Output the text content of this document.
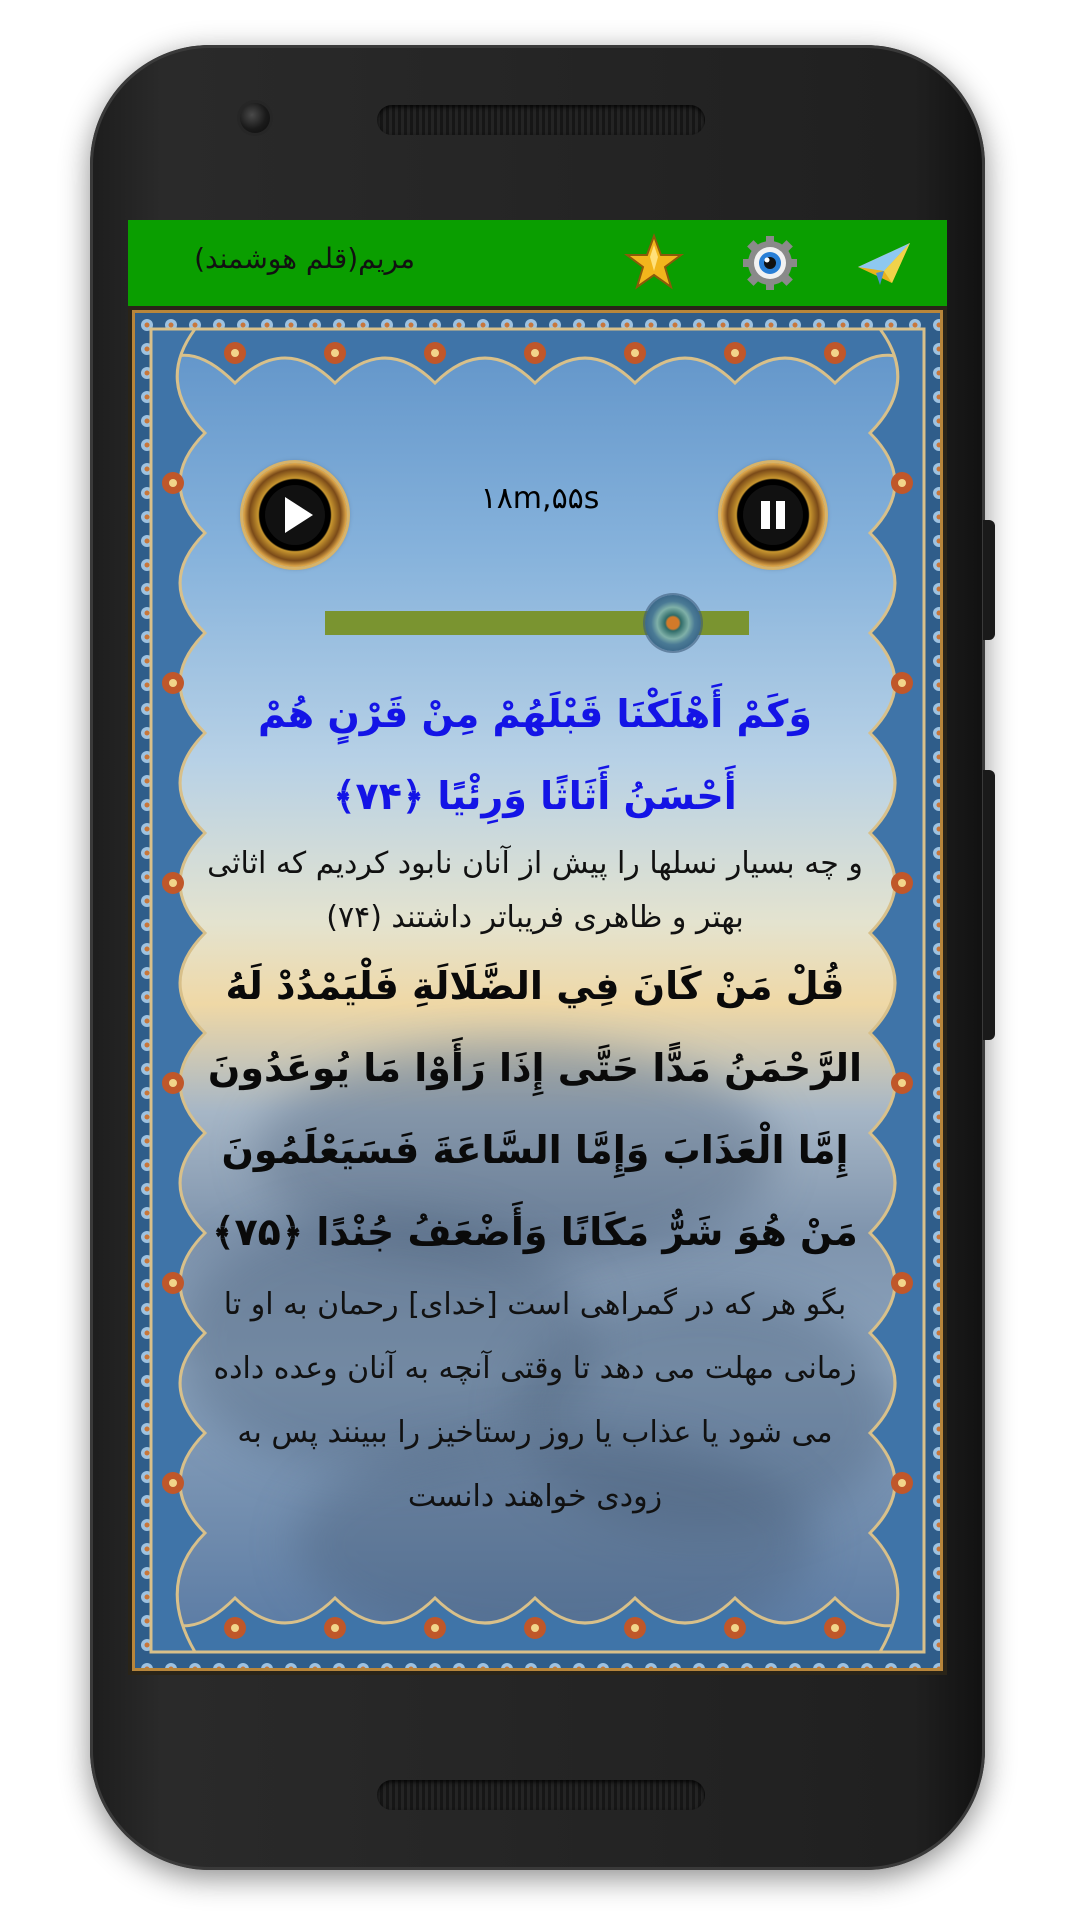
مریم(قلم هوشمند)
۱۸m,۵۵s
وَكَمْ أَهْلَكْنَا قَبْلَهُمْ مِنْ قَرْنٍ هُمْ أَحْسَنُ أَثَاثًا وَرِئْيًا ﴿۷۴﴾
و چه بسیار نسلها را پیش از آنان نابود کردیم که اثاثی بهتر و ظاهری فریباتر داشتند (۷۴)
قُلْ مَنْ كَانَ فِي الضَّلَالَةِ فَلْيَمْدُدْ لَهُ الرَّحْمَنُ مَدًّا حَتَّى إِذَا رَأَوْا مَا يُوعَدُونَ إِمَّا الْعَذَابَ وَإِمَّا السَّاعَةَ فَسَيَعْلَمُونَ مَنْ هُوَ شَرٌّ مَكَانًا وَأَضْعَفُ جُنْدًا ﴿۷۵﴾
بگو هر که در گمراهی است [خدای] رحمان به او تا زمانی مهلت می دهد تا وقتی آنچه به آنان وعده داده می شود یا عذاب یا روز رستاخیز را ببینند پس به زودی خواهند دانست
